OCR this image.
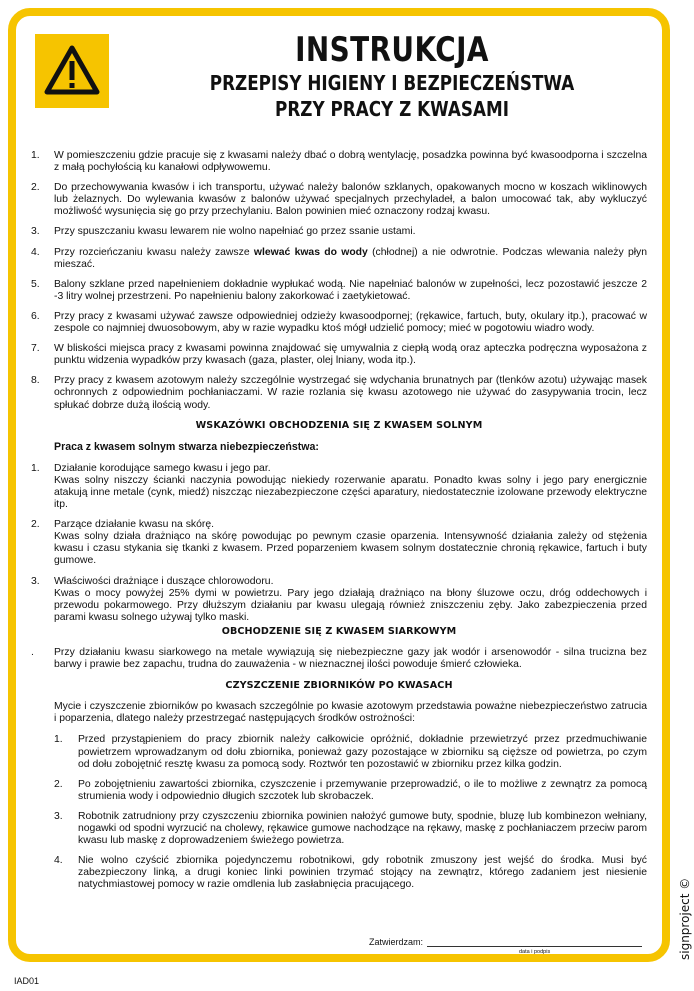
INSTRUKCJA
PRZEPISY HIGIENY I BEZPIECZEŃSTWA
PRZY PRACY Z KWASAMI
1. W pomieszczeniu gdzie pracuje się z kwasami należy dbać o dobrą wentylację, posadzka powinna być kwasoodporna i szczelna z małą pochyłością ku kanałowi odpływowemu.

2. Do przechowywania kwasów i ich transportu, używać należy balonów szklanych, opakowanych mocno w koszach wiklinowych lub żelaznych. Do wylewania kwasów z balonów używać specjalnych przechyladeł, a balon umocować tak, aby wykluczyć możliwość wysunięcia się go przy przechylaniu. Balon powinien mieć oznaczony rodzaj kwasu.

3. Przy spuszczaniu kwasu lewarem nie wolno napełniać go przez ssanie ustami.

4. Przy rozcieńczaniu kwasu należy zawsze wlewać kwas do wody (chłodnej) a nie odwrotnie. Podczas wlewania należy płyn mieszać.

5. Balony szklane przed napełnieniem dokładnie wypłukać wodą. Nie napełniać balonów w zupełności, lecz pozostawić jeszcze 2 -3 litry wolnej przestrzeni. Po napełnieniu balony zakorkować i zaetykietować.

6. Przy pracy z kwasami używać zawsze odpowiedniej odzieży kwasoodpornej; (rękawice, fartuch, buty, okulary itp.), pracować w zespole co najmniej dwuosobowym, aby w razie wypadku ktoś mógł udzielić pomocy; mieć w pogotowiu wiadro wody.

7. W bliskości miejsca pracy z kwasami powinna znajdować się umywalnia z ciepłą wodą oraz apteczka podręczna wyposażona z punktu widzenia wypadków przy kwasach (gaza, plaster, olej lniany, woda itp.).

8. Przy pracy z kwasem azotowym należy szczególnie wystrzegać się wdychania brunatnych par (tlenków azotu) używając masek ochronnych z odpowiednim pochłaniaczami. W razie rozlania się kwasu azotowego nie używać do zasypywania trocin, lecz spłukać dobrze dużą ilością wody.

WSKAZÓWKI OBCHODZENIA SIĘ Z KWASEM SOLNYM
Praca z kwasem solnym stwarza niebezpieczeństwa:
1. Działanie korodujące samego kwasu i jego par.

Kwas solny niszczy ścianki naczynia powodując niekiedy rozerwanie aparatu. Ponadto kwas solny i jego pary energicznie atakują inne metale (cynk, miedź) niszcząc niezabezpieczone części aparatury, niedostatecznie izolowane przewody elektryczne itp.

2. Parzące działanie kwasu na skórę.

Kwas solny działa drażniąco na skórę powodując po pewnym czasie oparzenia. Intensywność działania zależy od stężenia kwasu i czasu stykania się tkanki z kwasem. Przed poparzeniem kwasem solnym dostatecznie chronią rękawice, fartuch i buty gumowe.

3. Właściwości drażniące i duszące chlorowodoru.

Kwas o mocy powyżej 25% dymi w powietrzu. Pary jego działają drażniąco na błony śluzowe oczu, dróg oddechowych i przewodu pokarmowego. Przy dłuższym działaniu par kwasu ulegają również zniszczeniu zęby. Jako zabezpieczenia przed parami kwasu solnego używaj tylko maski.

OBCHODZENIE SIĘ Z KWASEM SIARKOWYM
. Przy działaniu kwasu siarkowego na metale wywiązują się niebezpieczne gazy jak wodór i arsenowodór - silna trucizna bez barwy i prawie bez zapachu, trudna do zauważenia - w nieznacznej ilości powoduje śmierć człowieka.

CZYSZCZENIE ZBIORNIKÓW PO KWASACH

Mycie i czyszczenie zbiorników po kwasach szczególnie po kwasie azotowym przedstawia poważne niebezpieczeństwo zatrucia i poparzenia, dlatego należy przestrzegać następujących środków ostrożności:

1. Przed przystąpieniem do pracy zbiornik należy całkowicie opróżnić, dokładnie przewietrzyć przez przedmuchiwanie powietrzem wprowadzanym od dołu zbiornika, ponieważ gazy pozostające w zbiorniku są cięższe od powietrza, po czym od dołu zobojętnić resztę kwasu za pomocą sody. Roztwór ten pozostawić w zbiorniku przez kilka godzin.

2. Po zobojętnieniu zawartości zbiornika, czyszczenie i przemywanie przeprowadzić, o ile to możliwe z zewnątrz za pomocą strumienia wody i odpowiednio długich szczotek lub skrobaczek.

3. Robotnik zatrudniony przy czyszczeniu zbiornika powinien nałożyć gumowe buty, spodnie, bluzę lub kombinezon wełniany, nogawki od spodni wyrzucić na cholewy, rękawice gumowe nachodzące na rękawy, maskę z pochłaniaczem przeciw parom kwasu lub maskę z doprowadzeniem świeżego powietrza.

4. Nie wolno czyścić zbiornika pojedynczemu robotnikowi, gdy robotnik zmuszony jest wejść do środka. Musi być zabezpieczony linką, a drugi koniec linki powinien trzymać stojący na zewnątrz, którego zadaniem jest niesienie natychmiastowej pomocy w razie omdlenia lub zasłabnięcia pracującego.

Zatwierdzam:
data i podpis	signproject ©
IAD01
